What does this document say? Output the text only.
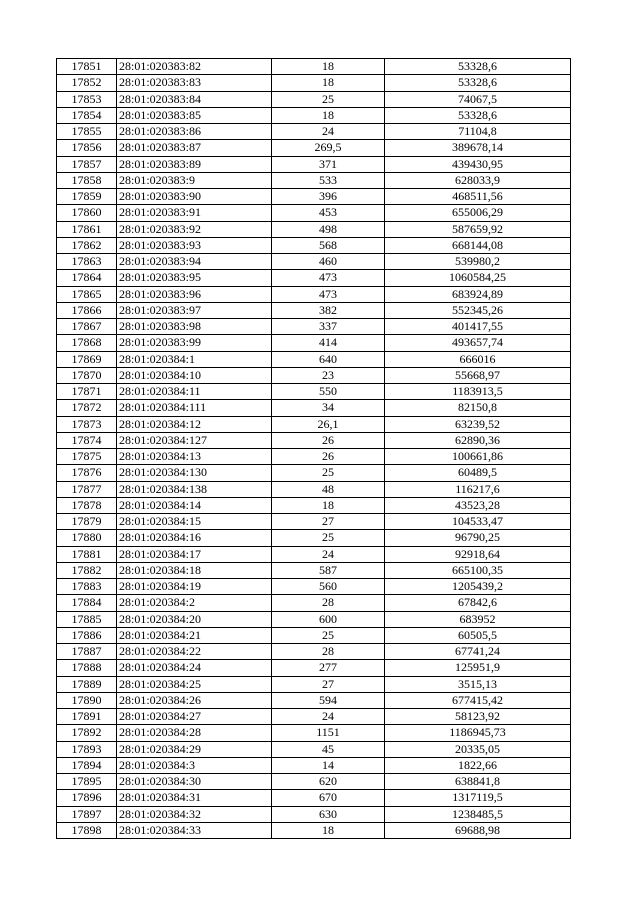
17851	28:01:020383:82	18	53328,6
17852	28:01:020383:83	18	53328,6
17853	28:01:020383:84	25	74067,5
17854	28:01:020383:85	18	53328,6
17855	28:01:020383:86	24	71104,8
17856	28:01:020383:87	269,5	389678,14
17857	28:01:020383:89	371	439430,95
17858	28:01:020383:9	533	628033,9
17859	28:01:020383:90	396	468511,56
17860	28:01:020383:91	453	655006,29
17861	28:01:020383:92	498	587659,92
17862	28:01:020383:93	568	668144,08
17863	28:01:020383:94	460	539980,2
17864	28:01:020383:95	473	1060584,25
17865	28:01:020383:96	473	683924,89
17866	28:01:020383:97	382	552345,26
17867	28:01:020383:98	337	401417,55
17868	28:01:020383:99	414	493657,74
17869	28:01:020384:1	640	666016
17870	28:01:020384:10	23	55668,97
17871	28:01:020384:11	550	1183913,5
17872	28:01:020384:111	34	82150,8
17873	28:01:020384:12	26,1	63239,52
17874	28:01:020384:127	26	62890,36
17875	28:01:020384:13	26	100661,86
17876	28:01:020384:130	25	60489,5
17877	28:01:020384:138	48	116217,6
17878	28:01:020384:14	18	43523,28
17879	28:01:020384:15	27	104533,47
17880	28:01:020384:16	25	96790,25
17881	28:01:020384:17	24	92918,64
17882	28:01:020384:18	587	665100,35
17883	28:01:020384:19	560	1205439,2
17884	28:01:020384:2	28	67842,6
17885	28:01:020384:20	600	683952
17886	28:01:020384:21	25	60505,5
17887	28:01:020384:22	28	67741,24
17888	28:01:020384:24	277	125951,9
17889	28:01:020384:25	27	3515,13
17890	28:01:020384:26	594	677415,42
17891	28:01:020384:27	24	58123,92
17892	28:01:020384:28	1151	1186945,73
17893	28:01:020384:29	45	20335,05
17894	28:01:020384:3	14	1822,66
17895	28:01:020384:30	620	638841,8
17896	28:01:020384:31	670	1317119,5
17897	28:01:020384:32	630	1238485,5
17898	28:01:020384:33	18	69688,98
